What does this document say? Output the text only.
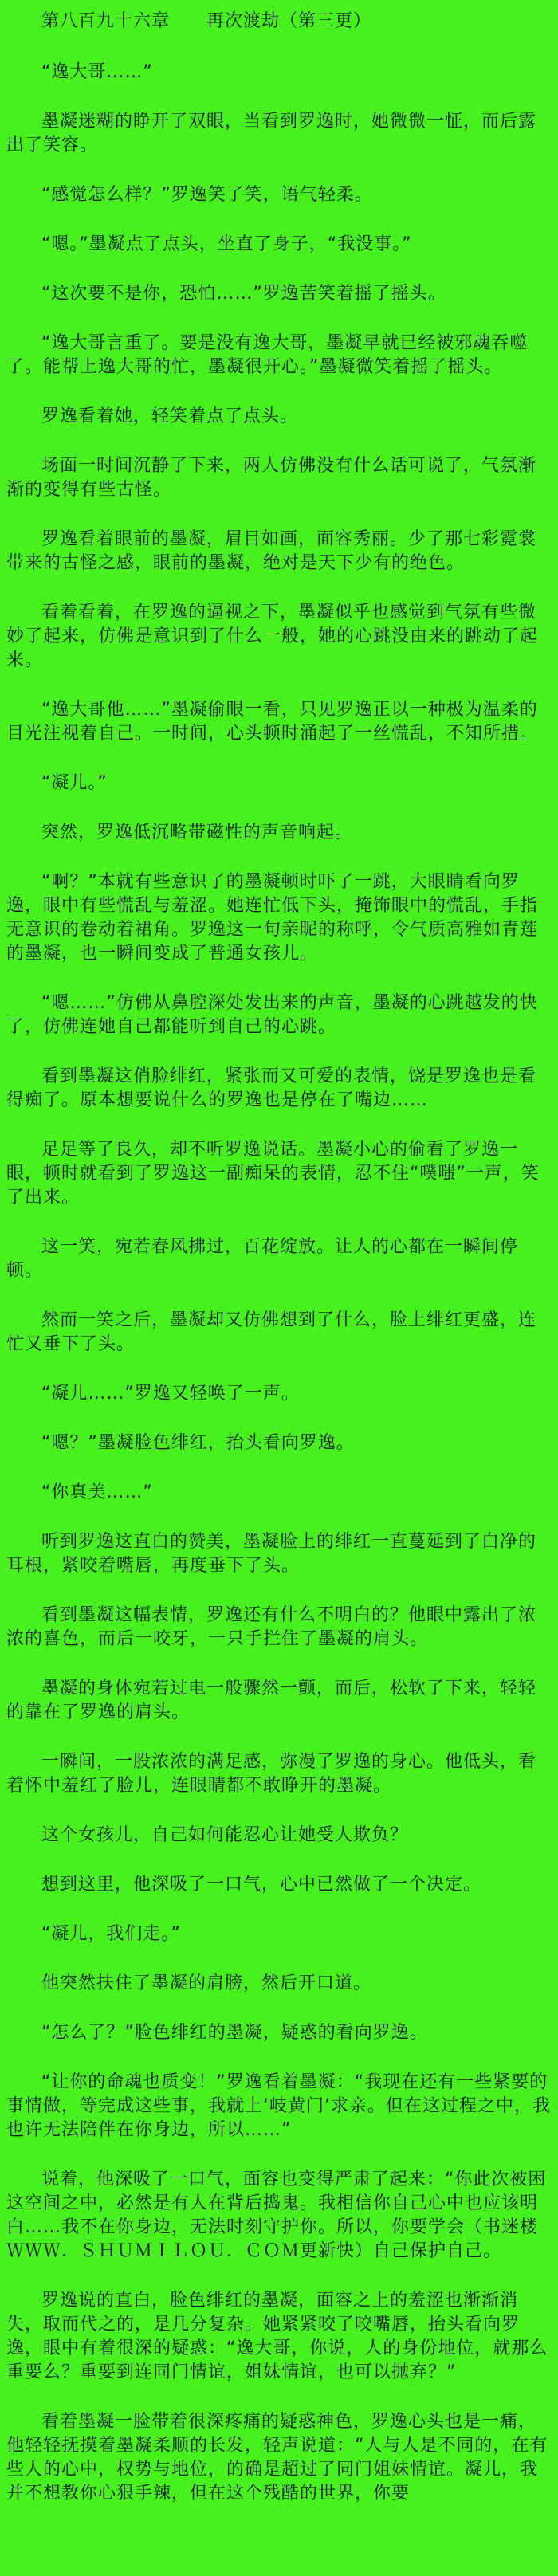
第八百九十六章　　再次渡劫（第三更）

“逸大哥……”

墨凝迷糊的睁开了双眼，当看到罗逸时，她微微一怔，而后露出了笑容。

“感觉怎么样？”罗逸笑了笑，语气轻柔。

“嗯。”墨凝点了点头，坐直了身子，“我没事。”

“这次要不是你，恐怕……”罗逸苦笑着摇了摇头。

“逸大哥言重了。要是没有逸大哥，墨凝早就已经被邪魂吞噬了。能帮上逸大哥的忙，墨凝很开心。”墨凝微笑着摇了摇头。

罗逸看着她，轻笑着点了点头。

场面一时间沉静了下来，两人仿佛没有什么话可说了，气氛渐渐的变得有些古怪。

罗逸看着眼前的墨凝，眉目如画，面容秀丽。少了那七彩霓裳带来的古怪之感，眼前的墨凝，绝对是天下少有的绝色。

看着看着，在罗逸的逼视之下，墨凝似乎也感觉到气氛有些微妙了起来，仿佛是意识到了什么一般，她的心跳没由来的跳动了起来。

“逸大哥他……”墨凝偷眼一看，只见罗逸正以一种极为温柔的目光注视着自己。一时间，心头顿时涌起了一丝慌乱，不知所措。

“凝儿。”

突然，罗逸低沉略带磁性的声音响起。

“啊？”本就有些意识了的墨凝顿时吓了一跳，大眼睛看向罗逸，眼中有些慌乱与羞涩。她连忙低下头，掩饰眼中的慌乱，手指无意识的卷动着裙角。罗逸这一句亲昵的称呼，令气质高雅如青莲的墨凝，也一瞬间变成了普通女孩儿。

“嗯……”仿佛从鼻腔深处发出来的声音，墨凝的心跳越发的快了，仿佛连她自己都能听到自己的心跳。

看到墨凝这俏脸绯红，紧张而又可爱的表情，饶是罗逸也是看得痴了。原本想要说什么的罗逸也是停在了嘴边……

足足等了良久，却不听罗逸说话。墨凝小心的偷看了罗逸一眼，顿时就看到了罗逸这一副痴呆的表情，忍不住“噗嗤”一声，笑了出来。

这一笑，宛若春风拂过，百花绽放。让人的心都在一瞬间停顿。

然而一笑之后，墨凝却又仿佛想到了什么，脸上绯红更盛，连忙又垂下了头。

“凝儿……”罗逸又轻唤了一声。

“嗯？”墨凝脸色绯红，抬头看向罗逸。

“你真美……”

听到罗逸这直白的赞美，墨凝脸上的绯红一直蔓延到了白净的耳根，紧咬着嘴唇，再度垂下了头。

看到墨凝这幅表情，罗逸还有什么不明白的？他眼中露出了浓浓的喜色，而后一咬牙，一只手拦住了墨凝的肩头。

墨凝的身体宛若过电一般骤然一颤，而后，松软了下来，轻轻的靠在了罗逸的肩头。

一瞬间，一股浓浓的满足感，弥漫了罗逸的身心。他低头，看着怀中羞红了脸儿，连眼睛都不敢睁开的墨凝。

这个女孩儿，自己如何能忍心让她受人欺负？

想到这里，他深吸了一口气，心中已然做了一个决定。

“凝儿，我们走。”

他突然扶住了墨凝的肩膀，然后开口道。

“怎么了？”脸色绯红的墨凝，疑惑的看向罗逸。

“让你的命魂也质变！”罗逸看着墨凝：“我现在还有一些紧要的事情做，等完成这些事，我就上‘岐黄门’求亲。但在这过程之中，我也许无法陪伴在你身边，所以……”

说着，他深吸了一口气，面容也变得严肃了起来：“你此次被困这空间之中，必然是有人在背后捣鬼。我相信你自己心中也应该明白……我不在你身边，无法时刻守护你。所以，你要学会（书迷楼ＷＷＷ．ＳＨＵＭＩＬＯＵ．ＣＯＭ更新快）自己保护自己。

罗逸说的直白，脸色绯红的墨凝，面容之上的羞涩也渐渐消失，取而代之的，是几分复杂。她紧紧咬了咬嘴唇，抬头看向罗逸，眼中有着很深的疑惑：“逸大哥，你说，人的身份地位，就那么重要么？重要到连同门情谊，姐妹情谊，也可以抛弃？”

看着墨凝一脸带着很深疼痛的疑惑神色，罗逸心头也是一痛，他轻轻抚摸着墨凝柔顺的长发，轻声说道：“人与人是不同的，在有些人的心中，权势与地位，的确是超过了同门姐妹情谊。凝儿，我并不想教你心狠手辣，但在这个残酷的世界，你要
